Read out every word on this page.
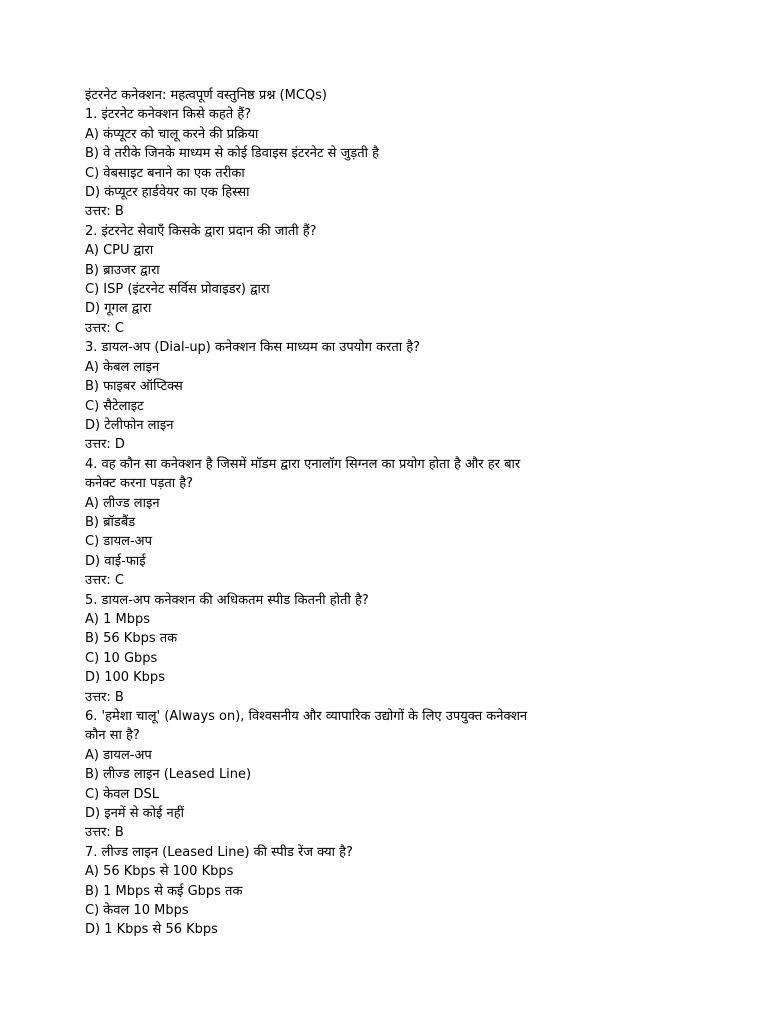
इंटरनेट कनेक्शन: महत्वपूर्ण वस्तुनिष्ठ प्रश्न (MCQs)

1. इंटरनेट कनेक्शन किसे कहते हैं?

A) कंप्यूटर को चालू करने की प्रक्रिया

B) वे तरीके जिनके माध्यम से कोई डिवाइस इंटरनेट से जुड़ती है

C) वेबसाइट बनाने का एक तरीका

D) कंप्यूटर हार्डवेयर का एक हिस्सा

उत्तर: B

2. इंटरनेट सेवाएँ किसके द्वारा प्रदान की जाती हैं?

A) CPU द्वारा

B) ब्राउजर द्वारा

C) ISP (इंटरनेट सर्विस प्रोवाइडर) द्वारा

D) गूगल द्वारा

उत्तर: C

3. डायल-अप (Dial-up) कनेक्शन किस माध्यम का उपयोग करता है?

A) केबल लाइन

B) फाइबर ऑप्टिक्स

C) सैटेलाइट

D) टेलीफोन लाइन

उत्तर: D

4. वह कौन सा कनेक्शन है जिसमें मॉडम द्वारा एनालॉग सिग्नल का प्रयोग होता है और हर बार

कनेक्ट करना पड़ता है?

A) लीज्ड लाइन

B) ब्रॉडबैंड

C) डायल-अप

D) वाई-फाई

उत्तर: C

5. डायल-अप कनेक्शन की अधिकतम स्पीड कितनी होती है?

A) 1 Mbps

B) 56 Kbps तक

C) 10 Gbps

D) 100 Kbps

उत्तर: B

6. 'हमेशा चालू' (Always on), विश्वसनीय और व्यापारिक उद्योगों के लिए उपयुक्त कनेक्शन

कौन सा है?

A) डायल-अप

B) लीज्ड लाइन (Leased Line)

C) केवल DSL

D) इनमें से कोई नहीं

उत्तर: B

7. लीज्ड लाइन (Leased Line) की स्पीड रेंज क्या है?

A) 56 Kbps से 100 Kbps

B) 1 Mbps से कई Gbps तक

C) केवल 10 Mbps

D) 1 Kbps से 56 Kbps
